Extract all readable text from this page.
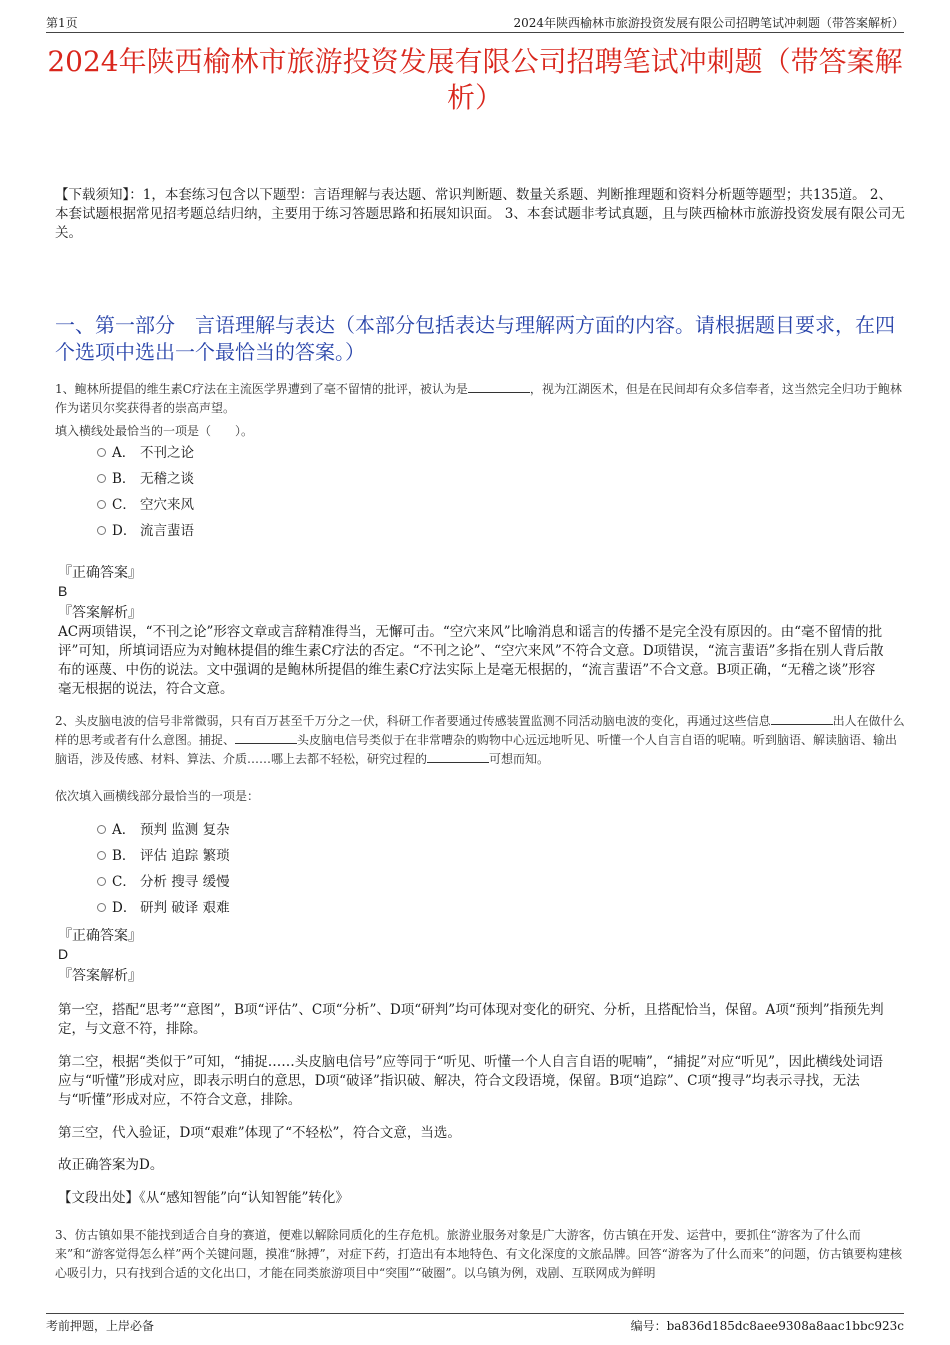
第1页	2024年陕西榆林市旅游投资发展有限公司招聘笔试冲刺题（带答案解析）
2024年陕西榆林市旅游投资发展有限公司招聘笔试冲刺题（带答案解析）
【下载须知】：1，本套练习包含以下题型：言语理解与表达题、常识判断题、数量关系题、判断推理题和资料分析题等题型；共135道。 2、本套试题根据常见招考题总结归纳，主要用于练习答题思路和拓展知识面。 3、本套试题非考试真题，且与陕西榆林市旅游投资发展有限公司无关。
一、第一部分　言语理解与表达（本部分包括表达与理解两方面的内容。请根据题目要求，在四个选项中选出一个最恰当的答案。）
1、鲍林所提倡的维生素C疗法在主流医学界遭到了毫不留情的批评，被认为是	，视为江湖医术，但是在民间却有众多信奉者，这当然完全归功于鲍林作为诺贝尔奖获得者的崇高声望。
填入横线处最恰当的一项是（　　）。
A． 不刊之论
B． 无稽之谈
C． 空穴来风
D． 流言蜚语
『正确答案』
B
『答案解析』
AC两项错误，“不刊之论”形容文章或言辞精准得当，无懈可击。“空穴来风”比喻消息和谣言的传播不是完全没有原因的。由“毫不留情的批评”可知，所填词语应为对鲍林提倡的维生素C疗法的否定。“不刊之论”、“空穴来风”不符合文意。D项错误，“流言蜚语”多指在别人背后散布的诬蔑、中伤的说法。文中强调的是鲍林所提倡的维生素C疗法实际上是毫无根据的，“流言蜚语”不合文意。B项正确，“无稽之谈”形容毫无根据的说法，符合文意。
2、头皮脑电波的信号非常微弱，只有百万甚至千万分之一伏，科研工作者要通过传感装置监测不同活动脑电波的变化，再通过这些信息	出人在做什么样的思考或者有什么意图。捕捉、	头皮脑电信号类似于在非常嘈杂的购物中心远远地听见、听懂一个人自言自语的呢喃。听到脑语、解读脑语、输出脑语，涉及传感、材料、算法、介质……哪上去都不轻松，研究过程的	可想而知。
依次填入画横线部分最恰当的一项是：
A． 预判 监测 复杂
B． 评估 追踪 繁琐
C． 分析 搜寻 缓慢
D． 研判 破译 艰难
『正确答案』
D
『答案解析』
第一空，搭配“思考”“意图”，B项“评估”、C项“分析”、D项“研判”均可体现对变化的研究、分析，且搭配恰当，保留。A项“预判”指预先判定，与文意不符，排除。
第二空，根据“类似于”可知，“捕捉……头皮脑电信号”应等同于“听见、听懂一个人自言自语的呢喃”，“捕捉”对应“听见”，因此横线处词语应与“听懂”形成对应，即表示明白的意思，D项“破译”指识破、解决，符合文段语境，保留。B项“追踪”、C项“搜寻”均表示寻找，无法与“听懂”形成对应，不符合文意，排除。
第三空，代入验证，D项“艰难”体现了“不轻松”，符合文意，当选。
故正确答案为D。
【文段出处】《从“感知智能”向“认知智能”转化》
3、仿古镇如果不能找到适合自身的赛道，便难以解除同质化的生存危机。旅游业服务对象是广大游客，仿古镇在开发、运营中，要抓住“游客为了什么而来”和“游客觉得怎么样”两个关键问题，摸准“脉搏”，对症下药，打造出有本地特色、有文化深度的文旅品牌。回答“游客为了什么而来”的问题，仿古镇要构建核心吸引力，只有找到合适的文化出口，才能在同类旅游项目中“突围”“破圈”。以乌镇为例，戏剧、互联网成为鲜明
考前押题，上岸必备	编号：ba836d185dc8aee9308a8aac1bbc923c
